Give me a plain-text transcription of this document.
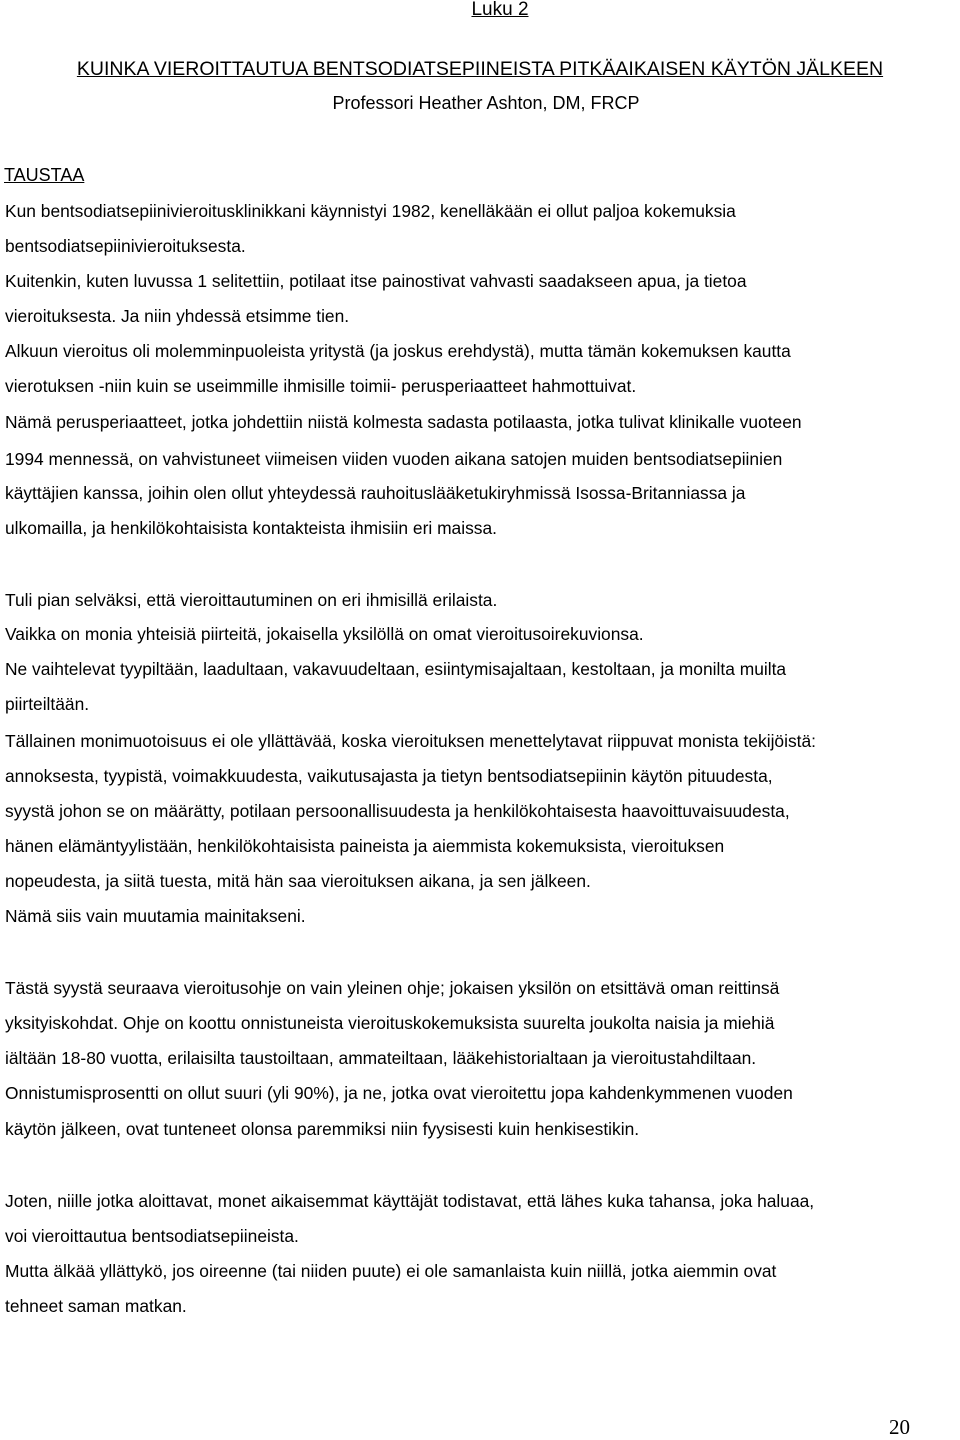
Luku 2
KUINKA VIEROITTAUTUA BENTSODIATSEPIINEISTA PITKÄAIKAISEN KÄYTÖN JÄLKEEN
Professori Heather Ashton, DM, FRCP
TAUSTAA
Kun bentsodiatsepiinivieroitusklinikkani käynnistyi 1982, kenelläkään ei ollut paljoa kokemuksia
bentsodiatsepiinivieroituksesta.
Kuitenkin, kuten luvussa 1 selitettiin, potilaat itse painostivat vahvasti saadakseen apua, ja tietoa
vieroituksesta. Ja niin yhdessä etsimme tien.
Alkuun vieroitus oli molemminpuoleista yritystä (ja joskus erehdystä), mutta tämän kokemuksen kautta
vierotuksen -niin kuin se useimmille ihmisille toimii- perusperiaatteet hahmottuivat.
Nämä perusperiaatteet, jotka johdettiin niistä kolmesta sadasta potilaasta, jotka tulivat klinikalle vuoteen
1994 mennessä, on vahvistuneet viimeisen viiden vuoden aikana satojen muiden bentsodiatsepiinien
käyttäjien kanssa, joihin olen ollut yhteydessä rauhoituslääketukiryhmissä Isossa-Britanniassa ja
ulkomailla, ja henkilökohtaisista kontakteista ihmisiin eri maissa.
Tuli pian selväksi, että vieroittautuminen on eri ihmisillä erilaista.
Vaikka on monia yhteisiä piirteitä, jokaisella yksilöllä on omat vieroitusoirekuvionsa.
Ne vaihtelevat tyypiltään, laadultaan, vakavuudeltaan, esiintymisajaltaan, kestoltaan, ja monilta muilta
piirteiltään.
Tällainen monimuotoisuus ei ole yllättävää, koska vieroituksen menettelytavat riippuvat monista tekijöistä:
annoksesta, tyypistä, voimakkuudesta, vaikutusajasta ja tietyn bentsodiatsepiinin käytön pituudesta,
syystä johon se on määrätty, potilaan persoonallisuudesta ja henkilökohtaisesta haavoittuvaisuudesta,
hänen elämäntyylistään, henkilökohtaisista paineista ja aiemmista kokemuksista, vieroituksen
nopeudesta, ja siitä tuesta, mitä hän saa vieroituksen aikana, ja sen jälkeen.
Nämä siis vain muutamia mainitakseni.
Tästä syystä seuraava vieroitusohje on vain yleinen ohje; jokaisen yksilön on etsittävä oman reittinsä
yksityiskohdat. Ohje on koottu onnistuneista vieroituskokemuksista suurelta joukolta naisia ja miehiä
iältään 18-80 vuotta, erilaisilta taustoiltaan, ammateiltaan, lääkehistorialtaan ja vieroitustahdiltaan.
Onnistumisprosentti on ollut suuri (yli 90%), ja ne, jotka ovat vieroitettu jopa kahdenkymmenen vuoden
käytön jälkeen, ovat tunteneet olonsa paremmiksi niin fyysisesti kuin henkisestikin.
Joten, niille jotka aloittavat, monet aikaisemmat käyttäjät todistavat, että lähes kuka tahansa, joka haluaa,
voi vieroittautua bentsodiatsepiineista.
Mutta älkää yllättykö, jos oireenne (tai niiden puute) ei ole samanlaista kuin niillä, jotka aiemmin ovat
tehneet saman matkan.
20
